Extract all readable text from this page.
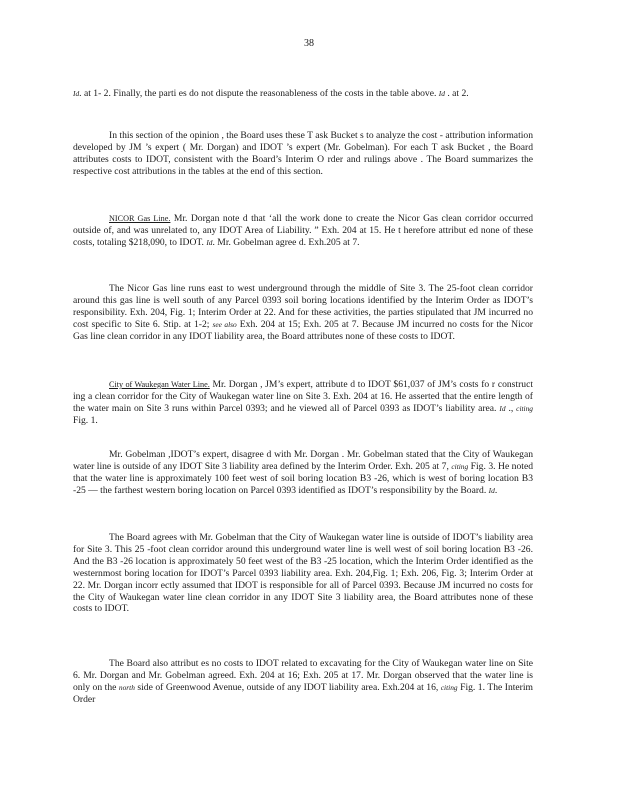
38

Id. at 1- 2. Finally, the parti es do not dispute the reasonableness of the costs in the table above. Id . at 2.

In this section of the opinion , the Board uses these T ask Bucket s to analyze the cost - attribution information developed by JM ’s expert ( Mr. Dorgan) and IDOT ’s expert (Mr. Gobelman). For each T ask Bucket , the Board attributes costs to IDOT, consistent with the Board’s Interim O rder and rulings above . The Board summarizes the respective cost attributions in the tables at the end of this section.

NICOR Gas Line. Mr. Dorgan note d that ‘all the work done to create the Nicor Gas clean corridor occurred outside of, and was unrelated to, any IDOT Area of Liability. ” Exh. 204 at 15. He t herefore attribut ed none of these costs, totaling $218,090, to IDOT. Id. Mr. Gobelman agree d. Exh.205 at 7.

The Nicor Gas line runs east to west underground through the middle of Site 3. The 25-foot clean corridor around this gas line is well south of any Parcel 0393 soil boring locations identified by the Interim Order as IDOT’s responsibility. Exh. 204, Fig. 1; Interim Order at 22. And for these activities, the parties stipulated that JM incurred no cost specific to Site 6. Stip. at 1-2; see also Exh. 204 at 15; Exh. 205 at 7. Because JM incurred no costs for the Nicor Gas line clean corridor in any IDOT liability area, the Board attributes none of these costs to IDOT.

City of Waukegan Water Line. Mr. Dorgan , JM’s expert, attribute d to IDOT $61,037 of JM’s costs fo r construct ing a clean corridor for the City of Waukegan water line on Site 3. Exh. 204 at 16. He asserted that the entire length of the water main on Site 3 runs within Parcel 0393; and he viewed all of Parcel 0393 as IDOT’s liability area. Id ., citing Fig. 1.

Mr. Gobelman ,IDOT’s expert, disagree d with Mr. Dorgan . Mr. Gobelman stated that the City of Waukegan water line is outside of any IDOT Site 3 liability area defined by the Interim Order. Exh. 205 at 7, citing Fig. 3. He noted that the water line is approximately 100 feet west of soil boring location B3 -26, which is west of boring location B3 -25 — the farthest western boring location on Parcel 0393 identified as IDOT’s responsibility by the Board. Id.

The Board agrees with Mr. Gobelman that the City of Waukegan water line is outside of IDOT’s liability area for Site 3. This 25 -foot clean corridor around this underground water line is well west of soil boring location B3 -26. And the B3 -26 location is approximately 50 feet west of the B3 -25 location, which the Interim Order identified as the westernmost boring location for IDOT’s Parcel 0393 liability area. Exh. 204,Fig. 1; Exh. 206, Fig. 3; Interim Order at 22. Mr. Dorgan incorr ectly assumed that IDOT is responsible for all of Parcel 0393. Because JM incurred no costs for the City of Waukegan water line clean corridor in any IDOT Site 3 liability area, the Board attributes none of these costs to IDOT.

The Board also attribut es no costs to IDOT related to excavating for the City of Waukegan water line on Site 6. Mr. Dorgan and Mr. Gobelman agreed. Exh. 204 at 16; Exh. 205 at 17. Mr. Dorgan observed that the water line is only on the north side of Greenwood Avenue, outside of any IDOT liability area. Exh.204 at 16, citing Fig. 1. The Interim Order
